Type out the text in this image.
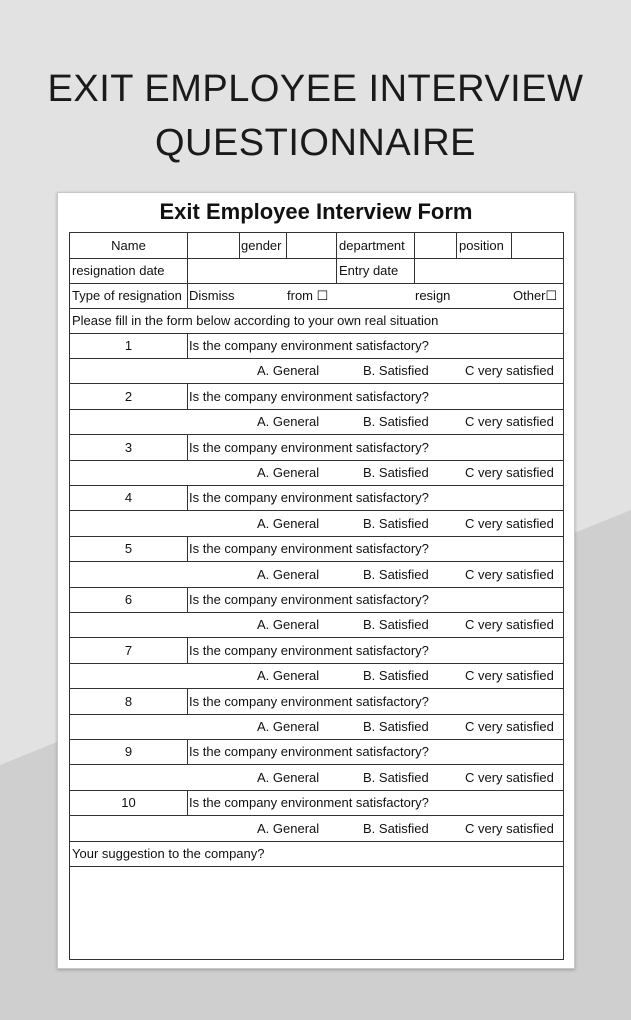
EXIT EMPLOYEE INTERVIEW
QUESTIONNAIRE
Exit Employee Interview Form
Name	gender	department	position
resignation date	Entry date
Type of resignation Dismiss	from ☐	resign	Other☐
Please fill in the form below according to your own real situation
1	Is the company environment satisfactory?
A. General	B. Satisfied	C very satisfied
2	Is the company environment satisfactory?
A. General	B. Satisfied	C very satisfied
3	Is the company environment satisfactory?
A. General	B. Satisfied	C very satisfied
4	Is the company environment satisfactory?
A. General	B. Satisfied	C very satisfied
5	Is the company environment satisfactory?
A. General	B. Satisfied	C very satisfied
6	Is the company environment satisfactory?
A. General	B. Satisfied	C very satisfied
7	Is the company environment satisfactory?
A. General	B. Satisfied	C very satisfied
8	Is the company environment satisfactory?
A. General	B. Satisfied	C very satisfied
9	Is the company environment satisfactory?
A. General	B. Satisfied	C very satisfied
10	Is the company environment satisfactory?
A. General	B. Satisfied	C very satisfied
Your suggestion to the company?
